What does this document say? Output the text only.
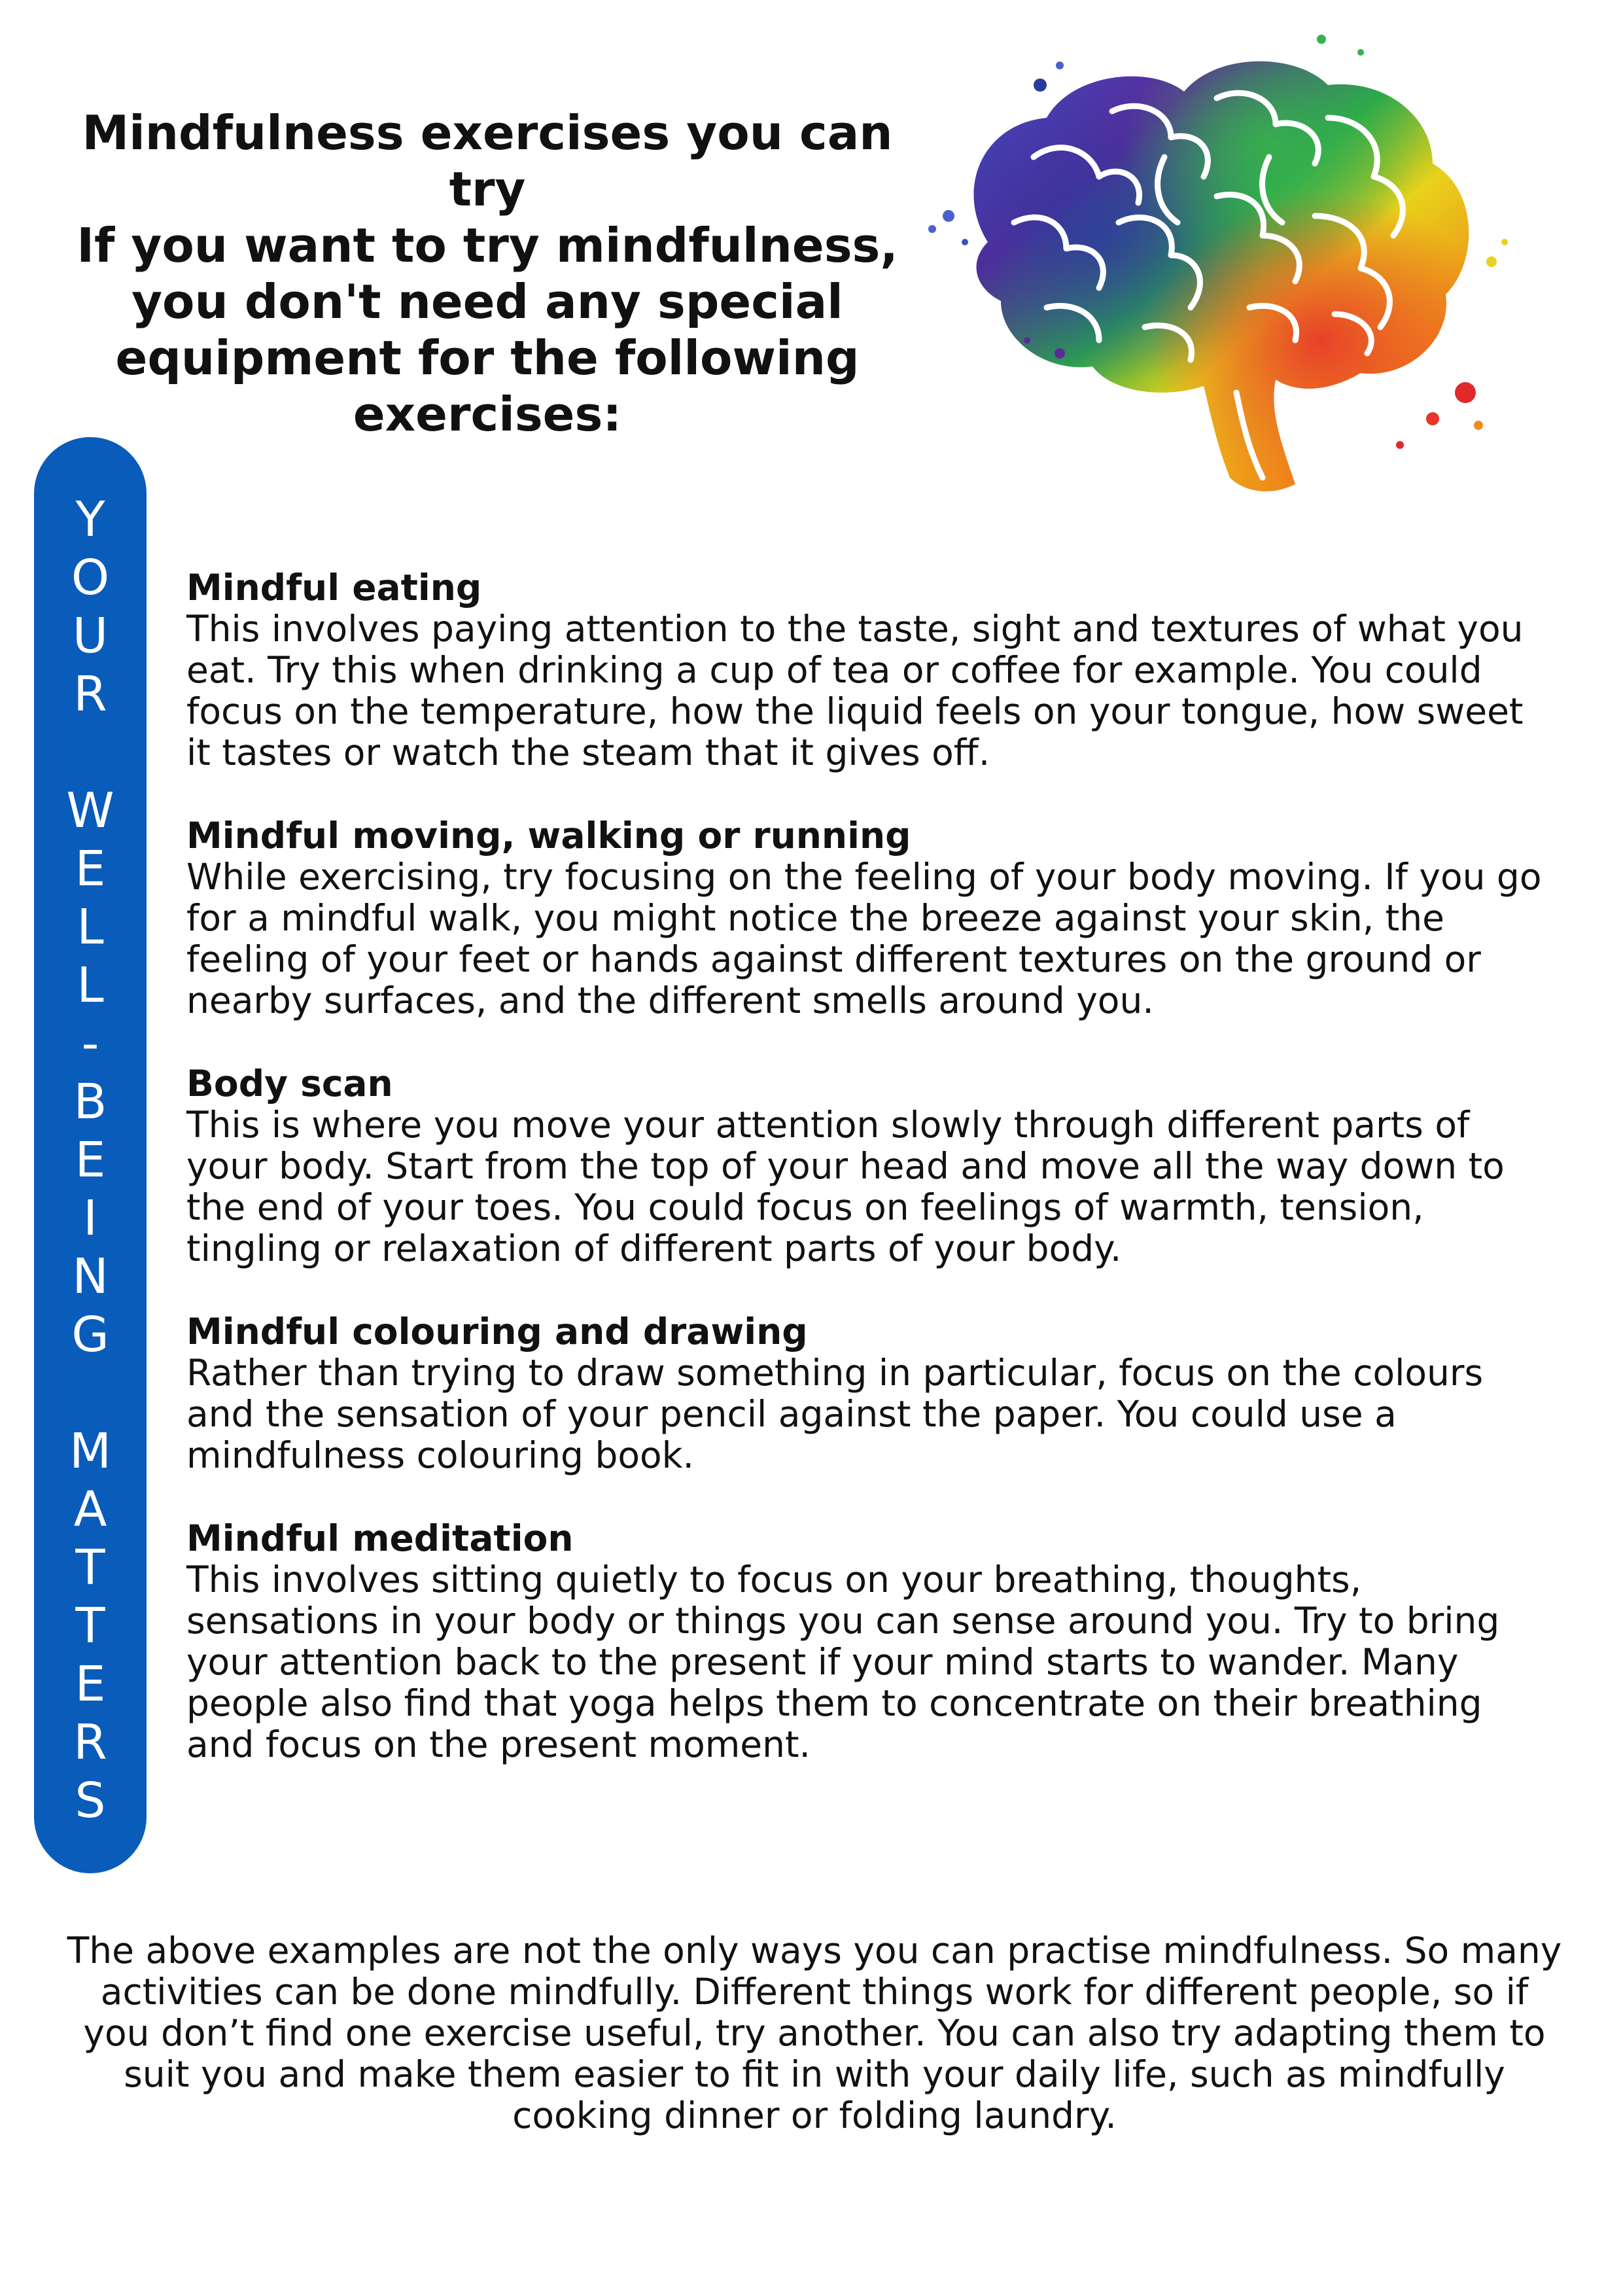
Mindfulness exercises you can try
If you want to try mindfulness,
you don't need any special
equipment for the following
exercises:
Y
O
U
R
W
E
L
L
-
B
E
I
N
G
M
A
T
T
E
R
S
Mindful eating

This involves paying attention to the taste, sight and textures of what you eat. Try this when drinking a cup of tea or coffee for example. You could focus on the temperature, how the liquid feels on your tongue, how sweet it tastes or watch the steam that it gives off.

Mindful moving, walking or running

While exercising, try focusing on the feeling of your body moving. If you go for a mindful walk, you might notice the breeze against your skin, the feeling of your feet or hands against different textures on the ground or nearby surfaces, and the different smells around you.

Body scan

This is where you move your attention slowly through different parts of your body. Start from the top of your head and move all the way down to the end of your toes. You could focus on feelings of warmth, tension, tingling or relaxation of different parts of your body.

Mindful colouring and drawing

Rather than trying to draw something in particular, focus on the colours and the sensation of your pencil against the paper. You could use a mindfulness colouring book.

Mindful meditation

This involves sitting quietly to focus on your breathing, thoughts, sensations in your body or things you can sense around you. Try to bring your attention back to the present if your mind starts to wander. Many people also find that yoga helps them to concentrate on their breathing and focus on the present moment.

The above examples are not the only ways you can practise mindfulness. So many activities can be done mindfully. Different things work for different people, so if you don’t find one exercise useful, try another. You can also try adapting them to suit you and make them easier to fit in with your daily life, such as mindfully cooking dinner or folding laundry.
